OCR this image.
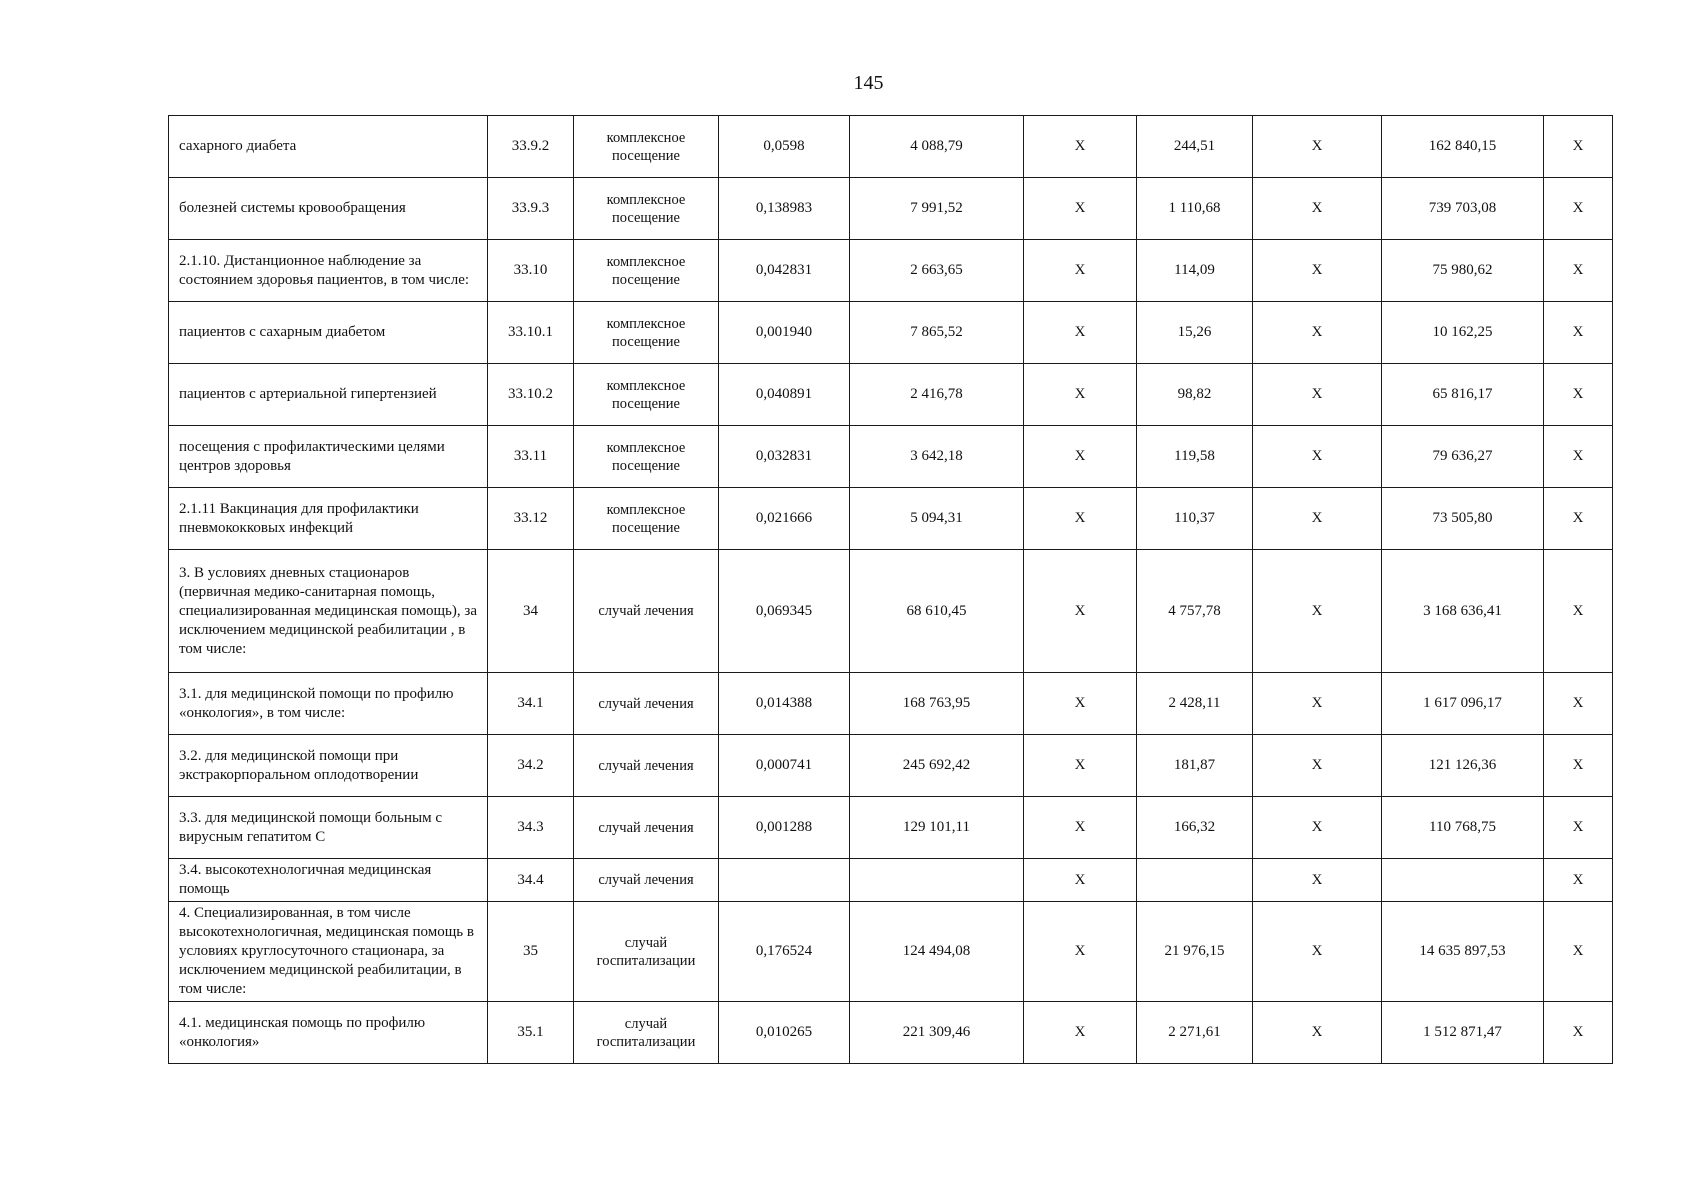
145
сахарного диабета	33.9.2	комплексное посещение	0,0598	4 088,79	X	244,51	X	162 840,15	X
болезней системы кровообращения	33.9.3	комплексное посещение	0,138983	7 991,52	X	1 110,68	X	739 703,08	X
2.1.10. Дистанционное наблюдение за состоянием здоровья пациентов, в том числе:	33.10	комплексное посещение	0,042831	2 663,65	X	114,09	X	75 980,62	X
пациентов с сахарным диабетом	33.10.1	комплексное посещение	0,001940	7 865,52	X	15,26	X	10 162,25	X
пациентов с артериальной гипертензией	33.10.2	комплексное посещение	0,040891	2 416,78	X	98,82	X	65 816,17	X
посещения с профилактическими целями центров здоровья	33.11	комплексное посещение	0,032831	3 642,18	X	119,58	X	79 636,27	X
2.1.11 Вакцинация для профилактики пневмококковых инфекций	33.12	комплексное посещение	0,021666	5 094,31	X	110,37	X	73 505,80	X
3. В условиях дневных стационаров (первичная медико-санитарная помощь, специализированная медицинская помощь), за исключением медицинской реабилитации , в том числе:	34	случай лечения	0,069345	68 610,45	X	4 757,78	X	3 168 636,41	X
3.1. для медицинской помощи по профилю «онкология», в том числе:	34.1	случай лечения	0,014388	168 763,95	X	2 428,11	X	1 617 096,17	X
3.2. для медицинской помощи при экстракорпоральном оплодотворении	34.2	случай лечения	0,000741	245 692,42	X	181,87	X	121 126,36	X
3.3. для медицинской помощи больным с вирусным гепатитом С	34.3	случай лечения	0,001288	129 101,11	X	166,32	X	110 768,75	X
3.4. высокотехнологичная медицинская помощь	34.4	случай лечения			X		X		X
4. Специализированная, в том числе высокотехнологичная, медицинская помощь в условиях круглосуточного стационара, за исключением медицинской реабилитации, в том числе:	35	случай госпитализации	0,176524	124 494,08	X	21 976,15	X	14 635 897,53	X
4.1. медицинская помощь по профилю «онкология»	35.1	случай госпитализации	0,010265	221 309,46	X	2 271,61	X	1 512 871,47	X
